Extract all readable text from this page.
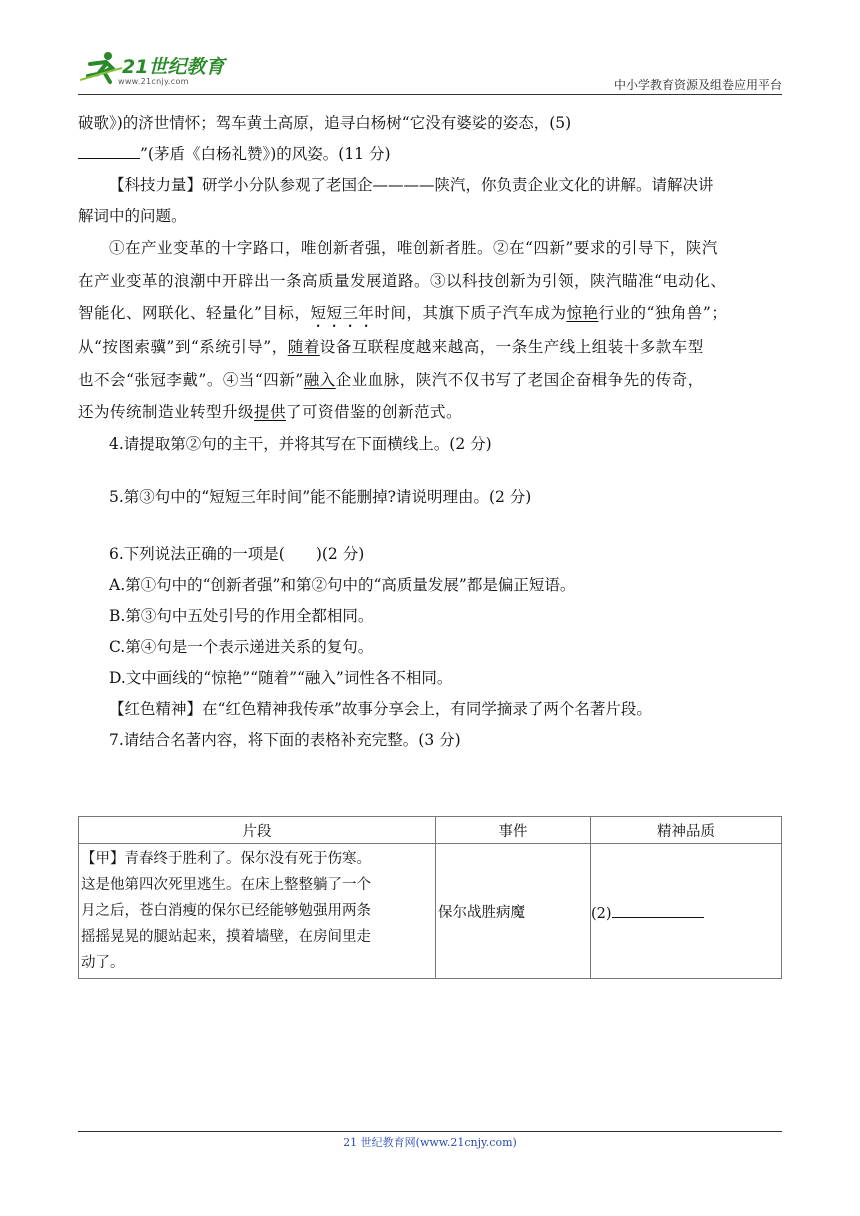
21世纪教育
www.21cnjy.com	中小学教育资源及组卷应用平台

破歌》)的济世情怀；驾车黄土高原，追寻白杨树“它没有婆娑的姿态，(5)

”(茅盾《白杨礼赞》)的风姿。(11 分)

【科技力量】研学小分队参观了老国企————陕汽，你负责企业文化的讲解。请解决讲

解词中的问题。

①在产业变革的十字路口，唯创新者强，唯创新者胜。②在“四新”要求的引导下，陕汽

在产业变革的浪潮中开辟出一条高质量发展道路。③以科技创新为引领，陕汽瞄准“电动化、

智能化、网联化、轻量化”目标，短短三年时间，其旗下质子汽车成为惊艳行业的“独角兽”；

从“按图索骥”到“系统引导”，随着设备互联程度越来越高，一条生产线上组装十多款车型

也不会“张冠李戴”。④当“四新”融入企业血脉，陕汽不仅书写了老国企奋楫争先的传奇，

还为传统制造业转型升级提供了可资借鉴的创新范式。

4.请提取第②句的主干，并将其写在下面横线上。(2 分)

5.第③句中的“短短三年时间”能不能删掉?请说明理由。(2 分)

6.下列说法正确的一项是(　　)(2 分)

A.第①句中的“创新者强”和第②句中的“高质量发展”都是偏正短语。

B.第③句中五处引号的作用全都相同。

C.第④句是一个表示递进关系的复句。

D.文中画线的“惊艳”“随着”“融入”词性各不相同。

【红色精神】在“红色精神我传承”故事分享会上，有同学摘录了两个名著片段。

7.请结合名著内容，将下面的表格补充完整。(3 分)

片段	事件	精神品质

【甲】青春终于胜利了。保尔没有死于伤寒。
这是他第四次死里逃生。在床上整整躺了一个
月之后，苍白消瘦的保尔已经能够勉强用两条
摇摇晃晃的腿站起来，摸着墙壁，在房间里走
动了。	保尔战胜病魔	(2)
21 世纪教育网(www.21cnjy.com)
